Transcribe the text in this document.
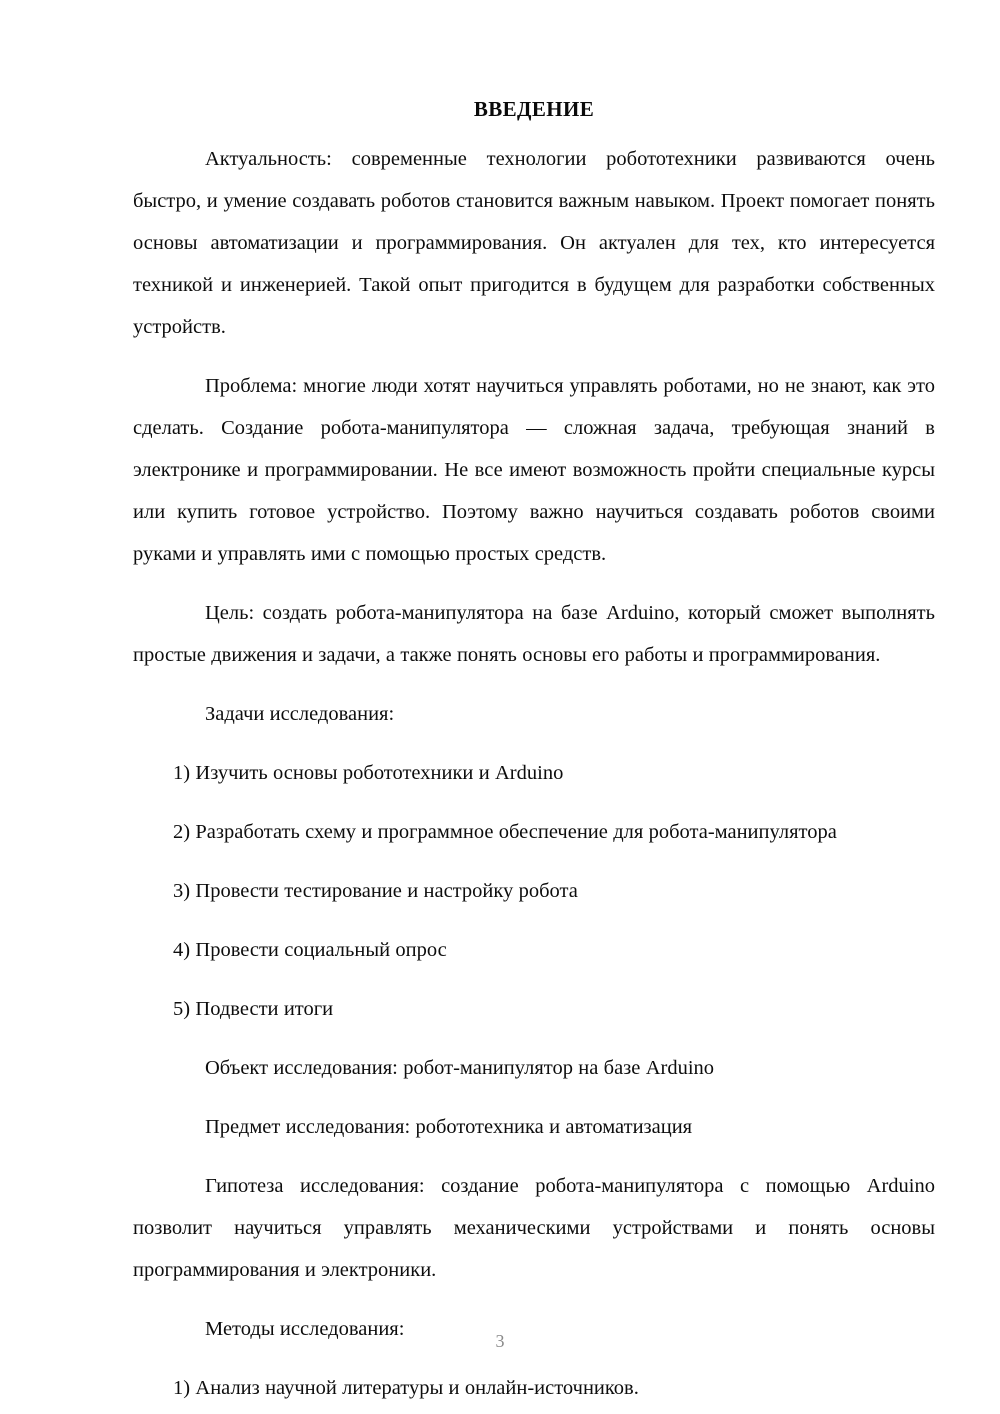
ВВЕДЕНИЕ

Актуальность: современные технологии робототехники развиваются очень быстро, и умение создавать роботов становится важным навыком. Проект помогает понять основы автоматизации и программирования. Он актуален для тех, кто интересуется техникой и инженерией. Такой опыт пригодится в будущем для разработки собственных устройств.

Проблема: многие люди хотят научиться управлять роботами, но не знают, как это сделать. Создание робота-манипулятора — сложная задача, требующая знаний в электронике и программировании. Не все имеют возможность пройти специальные курсы или купить готовое устройство. Поэтому важно научиться создавать роботов своими руками и управлять ими с помощью простых средств.

Цель: создать робота-манипулятора на базе Arduino, который сможет выполнять простые движения и задачи, а также понять основы его работы и программирования.

Задачи исследования:

1) Изучить основы робототехники и Arduino

2) Разработать схему и программное обеспечение для робота-манипулятора

3) Провести тестирование и настройку робота

4) Провести социальный опрос

5) Подвести итоги

Объект исследования: робот-манипулятор на базе Arduino

Предмет исследования: робототехника и автоматизация

Гипотеза исследования: создание робота-манипулятора с помощью Arduino позволит научиться управлять механическими устройствами и понять основы программирования и электроники.

Методы исследования:

1) Анализ научной литературы и онлайн-источников.

3
